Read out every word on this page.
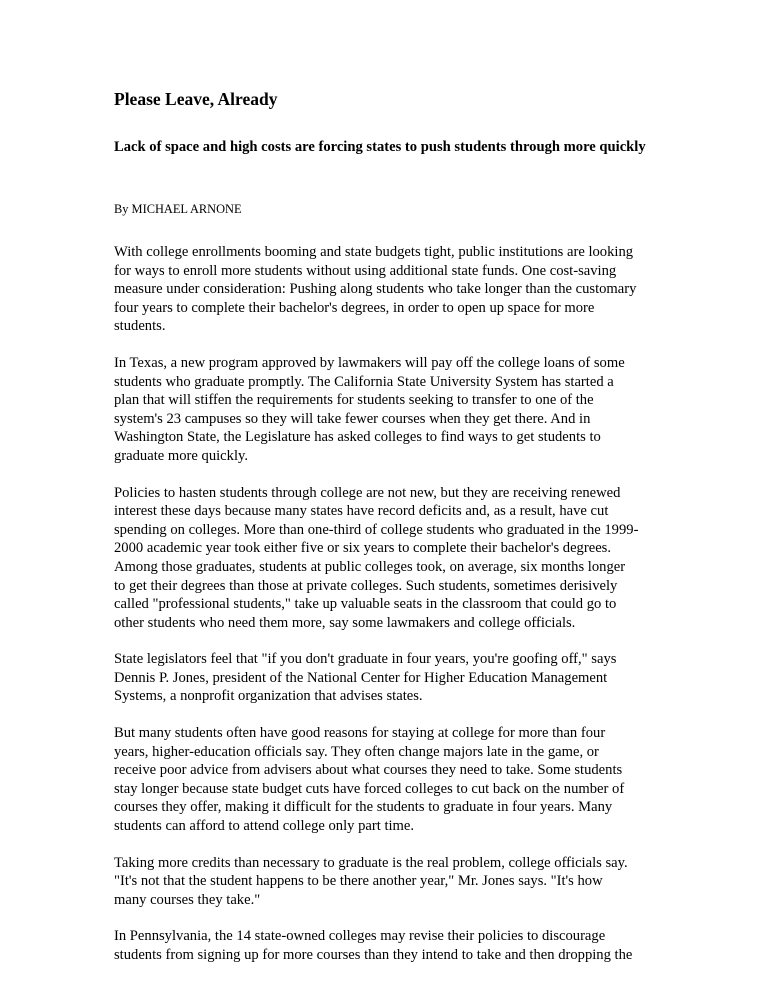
Please Leave, Already
Lack of space and high costs are forcing states to push students through more quickly

By MICHAEL ARNONE

With college enrollments booming and state budgets tight, public institutions are looking
for ways to enroll more students without using additional state funds. One cost-saving
measure under consideration: Pushing along students who take longer than the customary
four years to complete their bachelor's degrees, in order to open up space for more
students.

In Texas, a new program approved by lawmakers will pay off the college loans of some
students who graduate promptly. The California State University System has started a
plan that will stiffen the requirements for students seeking to transfer to one of the
system's 23 campuses so they will take fewer courses when they get there. And in
Washington State, the Legislature has asked colleges to find ways to get students to
graduate more quickly.

Policies to hasten students through college are not new, but they are receiving renewed
interest these days because many states have record deficits and, as a result, have cut
spending on colleges. More than one-third of college students who graduated in the 1999-
2000 academic year took either five or six years to complete their bachelor's degrees.
Among those graduates, students at public colleges took, on average, six months longer
to get their degrees than those at private colleges. Such students, sometimes derisively
called "professional students," take up valuable seats in the classroom that could go to
other students who need them more, say some lawmakers and college officials.

State legislators feel that "if you don't graduate in four years, you're goofing off," says
Dennis P. Jones, president of the National Center for Higher Education Management
Systems, a nonprofit organization that advises states.

But many students often have good reasons for staying at college for more than four
years, higher-education officials say. They often change majors late in the game, or
receive poor advice from advisers about what courses they need to take. Some students
stay longer because state budget cuts have forced colleges to cut back on the number of
courses they offer, making it difficult for the students to graduate in four years. Many
students can afford to attend college only part time.

Taking more credits than necessary to graduate is the real problem, college officials say.
"It's not that the student happens to be there another year," Mr. Jones says. "It's how
many courses they take."

In Pennsylvania, the 14 state-owned colleges may revise their policies to discourage
students from signing up for more courses than they intend to take and then dropping the
